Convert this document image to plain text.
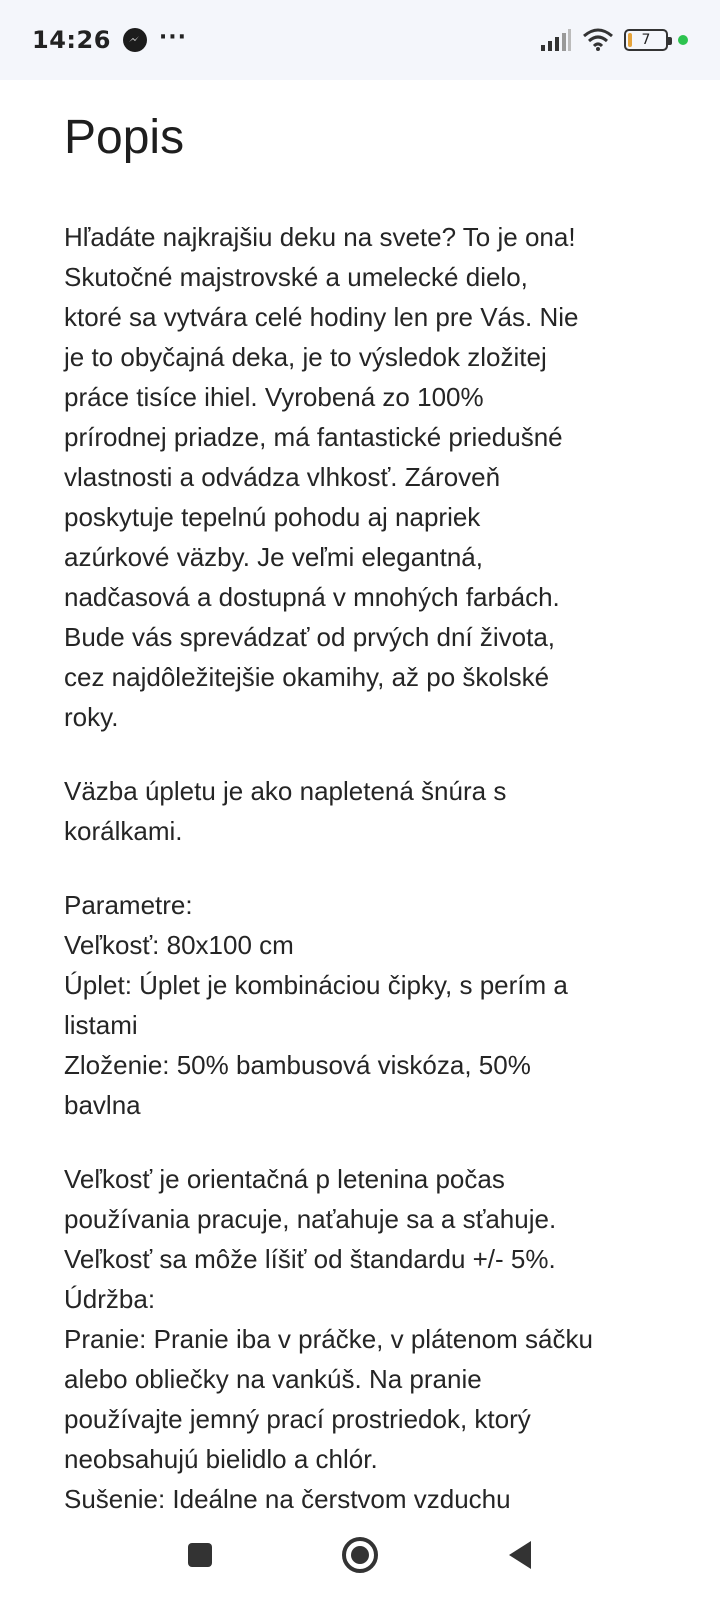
14:26 ···	7
Popis

Hľadáte najkrajšiu deku na svete? To je ona!
Skutočné majstrovské a umelecké dielo,
ktoré sa vytvára celé hodiny len pre Vás. Nie
je to obyčajná deka, je to výsledok zložitej
práce tisíce ihiel. Vyrobená zo 100%
prírodnej priadze, má fantastické priedušné
vlastnosti a odvádza vlhkosť. Zároveň
poskytuje tepelnú pohodu aj napriek
azúrkové väzby. Je veľmi elegantná,
nadčasová a dostupná v mnohých farbách.
Bude vás sprevádzať od prvých dní života,
cez najdôležitejšie okamihy, až po školské
roky.

Väzba úpletu je ako napletená šnúra s
korálkami.

Parametre:
Veľkosť: 80x100 cm
Úplet: Úplet je kombináciou čipky, s perím a
listami
Zloženie: 50% bambusová viskóza, 50%
bavlna

Veľkosť je orientačná p letenina počas
používania pracuje, naťahuje sa a sťahuje.
Veľkosť sa môže líšiť od štandardu +/- 5%.
Údržba:
Pranie: Pranie iba v práčke, v plátenom sáčku
alebo obliečky na vankúš. Na pranie
používajte jemný prací prostriedok, ktorý
neobsahujú bielidlo a chlór.
Sušenie: Ideálne na čerstvom vzduchu
